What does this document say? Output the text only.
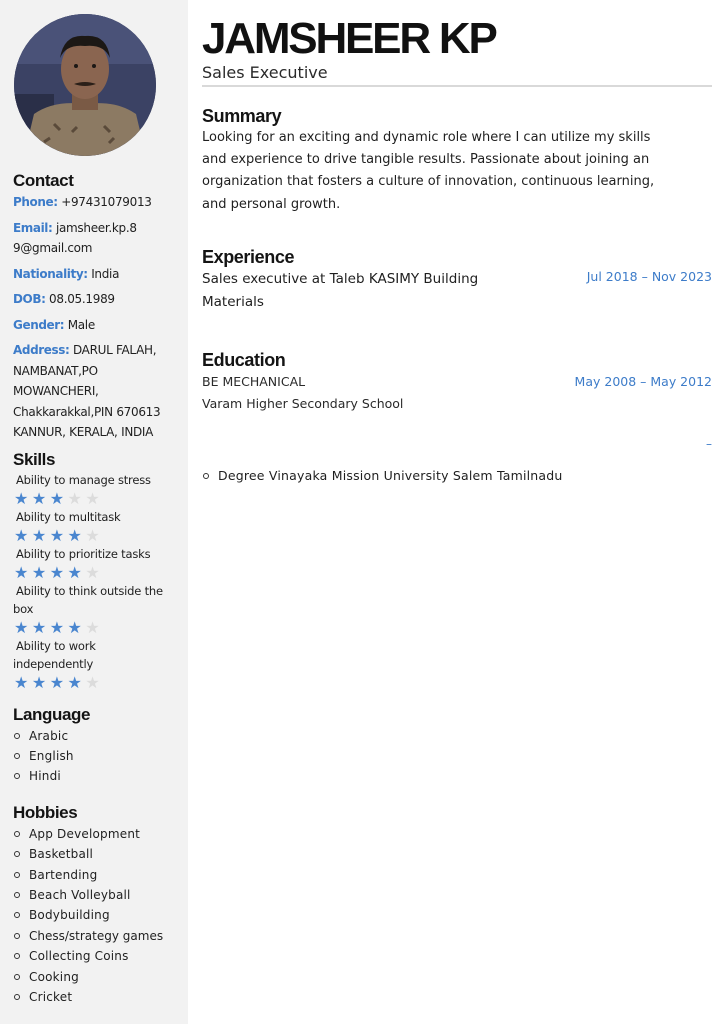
Contact

Phone: +97431079013

Email: jamsheer.kp.8
9@gmail.com

Nationality: India

DOB: 08.05.1989

Gender: Male

Address: DARUL FALAH,
NAMBANAT,PO
MOWANCHERI,
Chakkarakkal,PIN 670613
KANNUR, KERALA, INDIA

Skills

Ability to manage stress

★★★★★

Ability to multitask

★★★★★

Ability to prioritize tasks

★★★★★

Ability to think outside the box

★★★★★

Ability to work independently

★★★★★
Language
Arabic
English
Hindi
Hobbies
App Development
Basketball
Bartending
Beach Volleyball
Bodybuilding
Chess/strategy games
Collecting Coins
Cooking
Cricket
JAMSHEER KP

Sales Executive

Summary

Looking for an exciting and dynamic role where I can utilize my skills
and experience to drive tangible results. Passionate about joining an
organization that fosters a culture of innovation, continuous learning,
and personal growth.

Experience
Jul 2018 – Nov 2023

Sales executive at Taleb KASIMY Building
Materials

Education
May 2008 – May 2012

BE MECHANICAL

Varam Higher Secondary School

–
Degree Vinayaka Mission University Salem Tamilnadu
